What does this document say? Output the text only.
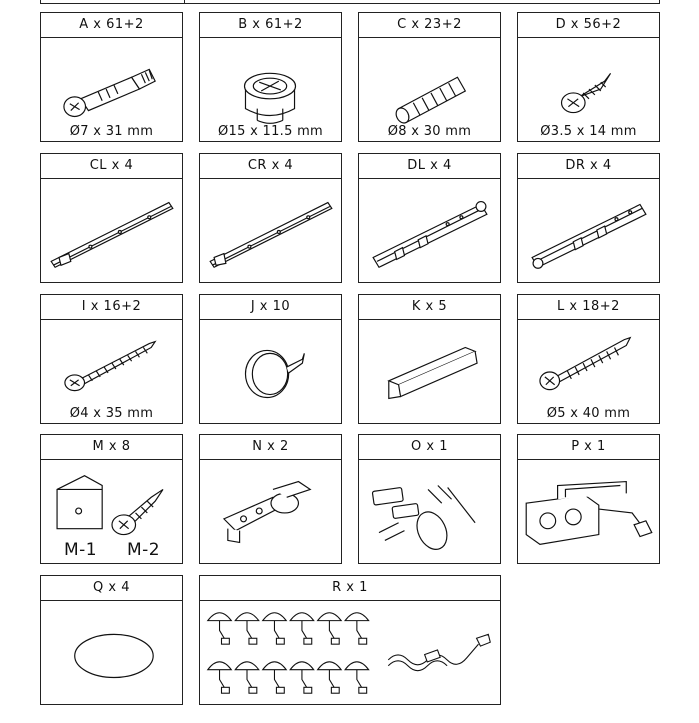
A x 61+2
Ø7 x 31 mm
B x 61+2
Ø15 x 11.5 mm
C x 23+2
Ø8 x 30 mm
D x 56+2
Ø3.5 x 14 mm
CL x 4	CR x 4	DL x 4	DR x 4
I x 16+2
Ø4 x 35 mm
J x 10	K x 5	L x 18+2
Ø5 x 40 mm
M x 8
M-1 M-2
N x 2	O x 1	P x 1
Q x 4	R x 1
